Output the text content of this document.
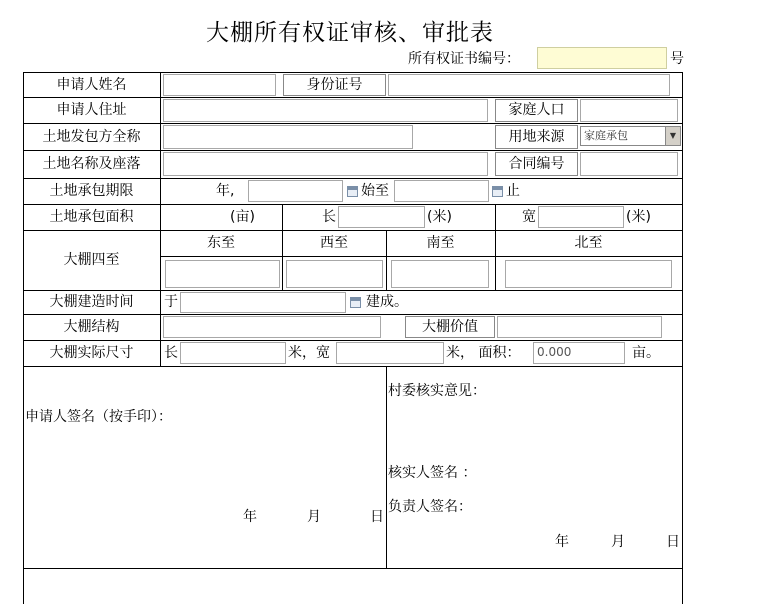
大棚所有权证审核、审批表
所有权证书编号：	号
申请人姓名	身份证号
申请人住址	家庭人口
土地发包方全称	用地来源	家庭承包	▼
土地名称及座落	合同编号
土地承包期限	年,	始至	止
土地承包面积	(亩)	长	(米)	宽	(米)
大棚四至
东至	西至	南至	北至
大棚建造时间	于	建成。
大棚结构	大棚价值
大棚实际尺寸	长	米，宽	米， 面积：	0.000	亩。
申请人签名（按手印）：
年	月	日
村委核实意见：
核实人签名 ：
负责人签名：
年	月	日
